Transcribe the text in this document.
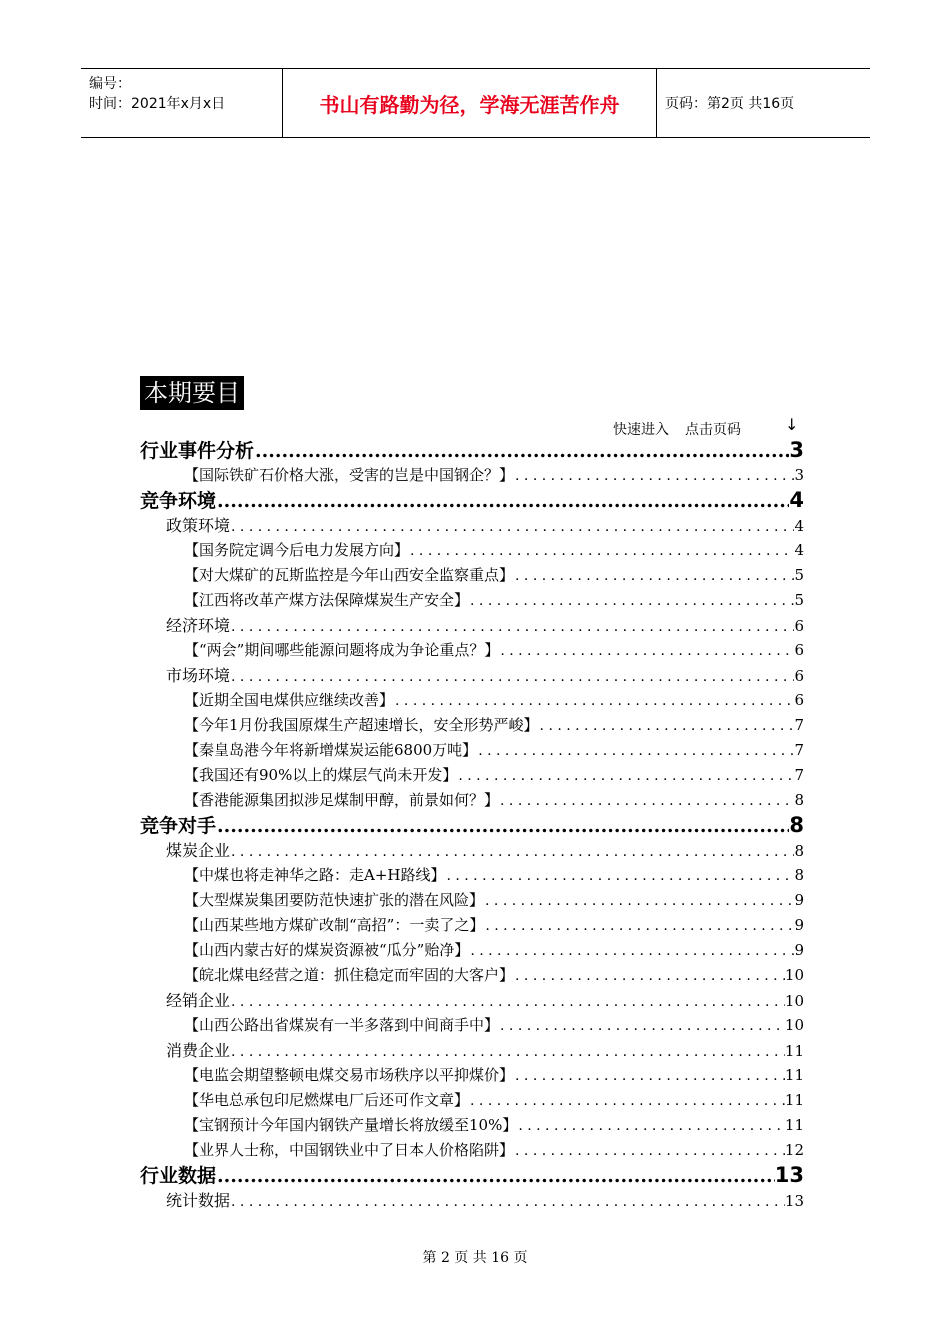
编号：
时间：2021年x月x日	书山有路勤为径，学海无涯苦作舟	页码：第2页 共16页
本期要目
快速进入 点击页码	↓
行业事件分析 .....	3
【国际铁矿石价格大涨，受害的岂是中国钢企？】 . . .	3
竞争环境 .....	4
政策环境 . . .	4
【国务院定调今后电力发展方向】 . . .	4
【对大煤矿的瓦斯监控是今年山西安全监察重点】 . . .	5
【江西将改革产煤方法保障煤炭生产安全】 . . .	5
经济环境 . . .	6
【“两会”期间哪些能源问题将成为争论重点？】 . . .	6
市场环境 . . .	6
【近期全国电煤供应继续改善】 . . .	6
【今年1月份我国原煤生产超速增长，安全形势严峻】 . . .	7
【秦皇岛港今年将新增煤炭运能6800万吨】 . . .	7
【我国还有90%以上的煤层气尚未开发】 . . .	7
【香港能源集团拟涉足煤制甲醇，前景如何？】 . . .	8
竞争对手 .....	8
煤炭企业 . . .	8
【中煤也将走神华之路：走A+H路线】 . . .	8
【大型煤炭集团要防范快速扩张的潜在风险】 . . .	9
【山西某些地方煤矿改制“高招”：一卖了之】 . . .	9
【山西内蒙古好的煤炭资源被“瓜分”贻净】 . . .	9
【皖北煤电经营之道：抓住稳定而牢固的大客户】 . . .	10
经销企业 . . .	10
【山西公路出省煤炭有一半多落到中间商手中】 . . .	10
消费企业 . . .	11
【电监会期望整顿电煤交易市场秩序以平抑煤价】 . . .	11
【华电总承包印尼燃煤电厂后还可作文章】 . . .	11
【宝钢预计今年国内钢铁产量增长将放缓至10%】 . . .	11
【业界人士称，中国钢铁业中了日本人价格陷阱】 . . .	12
行业数据 .....	13
统计数据 . . .	13
第 2 页 共 16 页
